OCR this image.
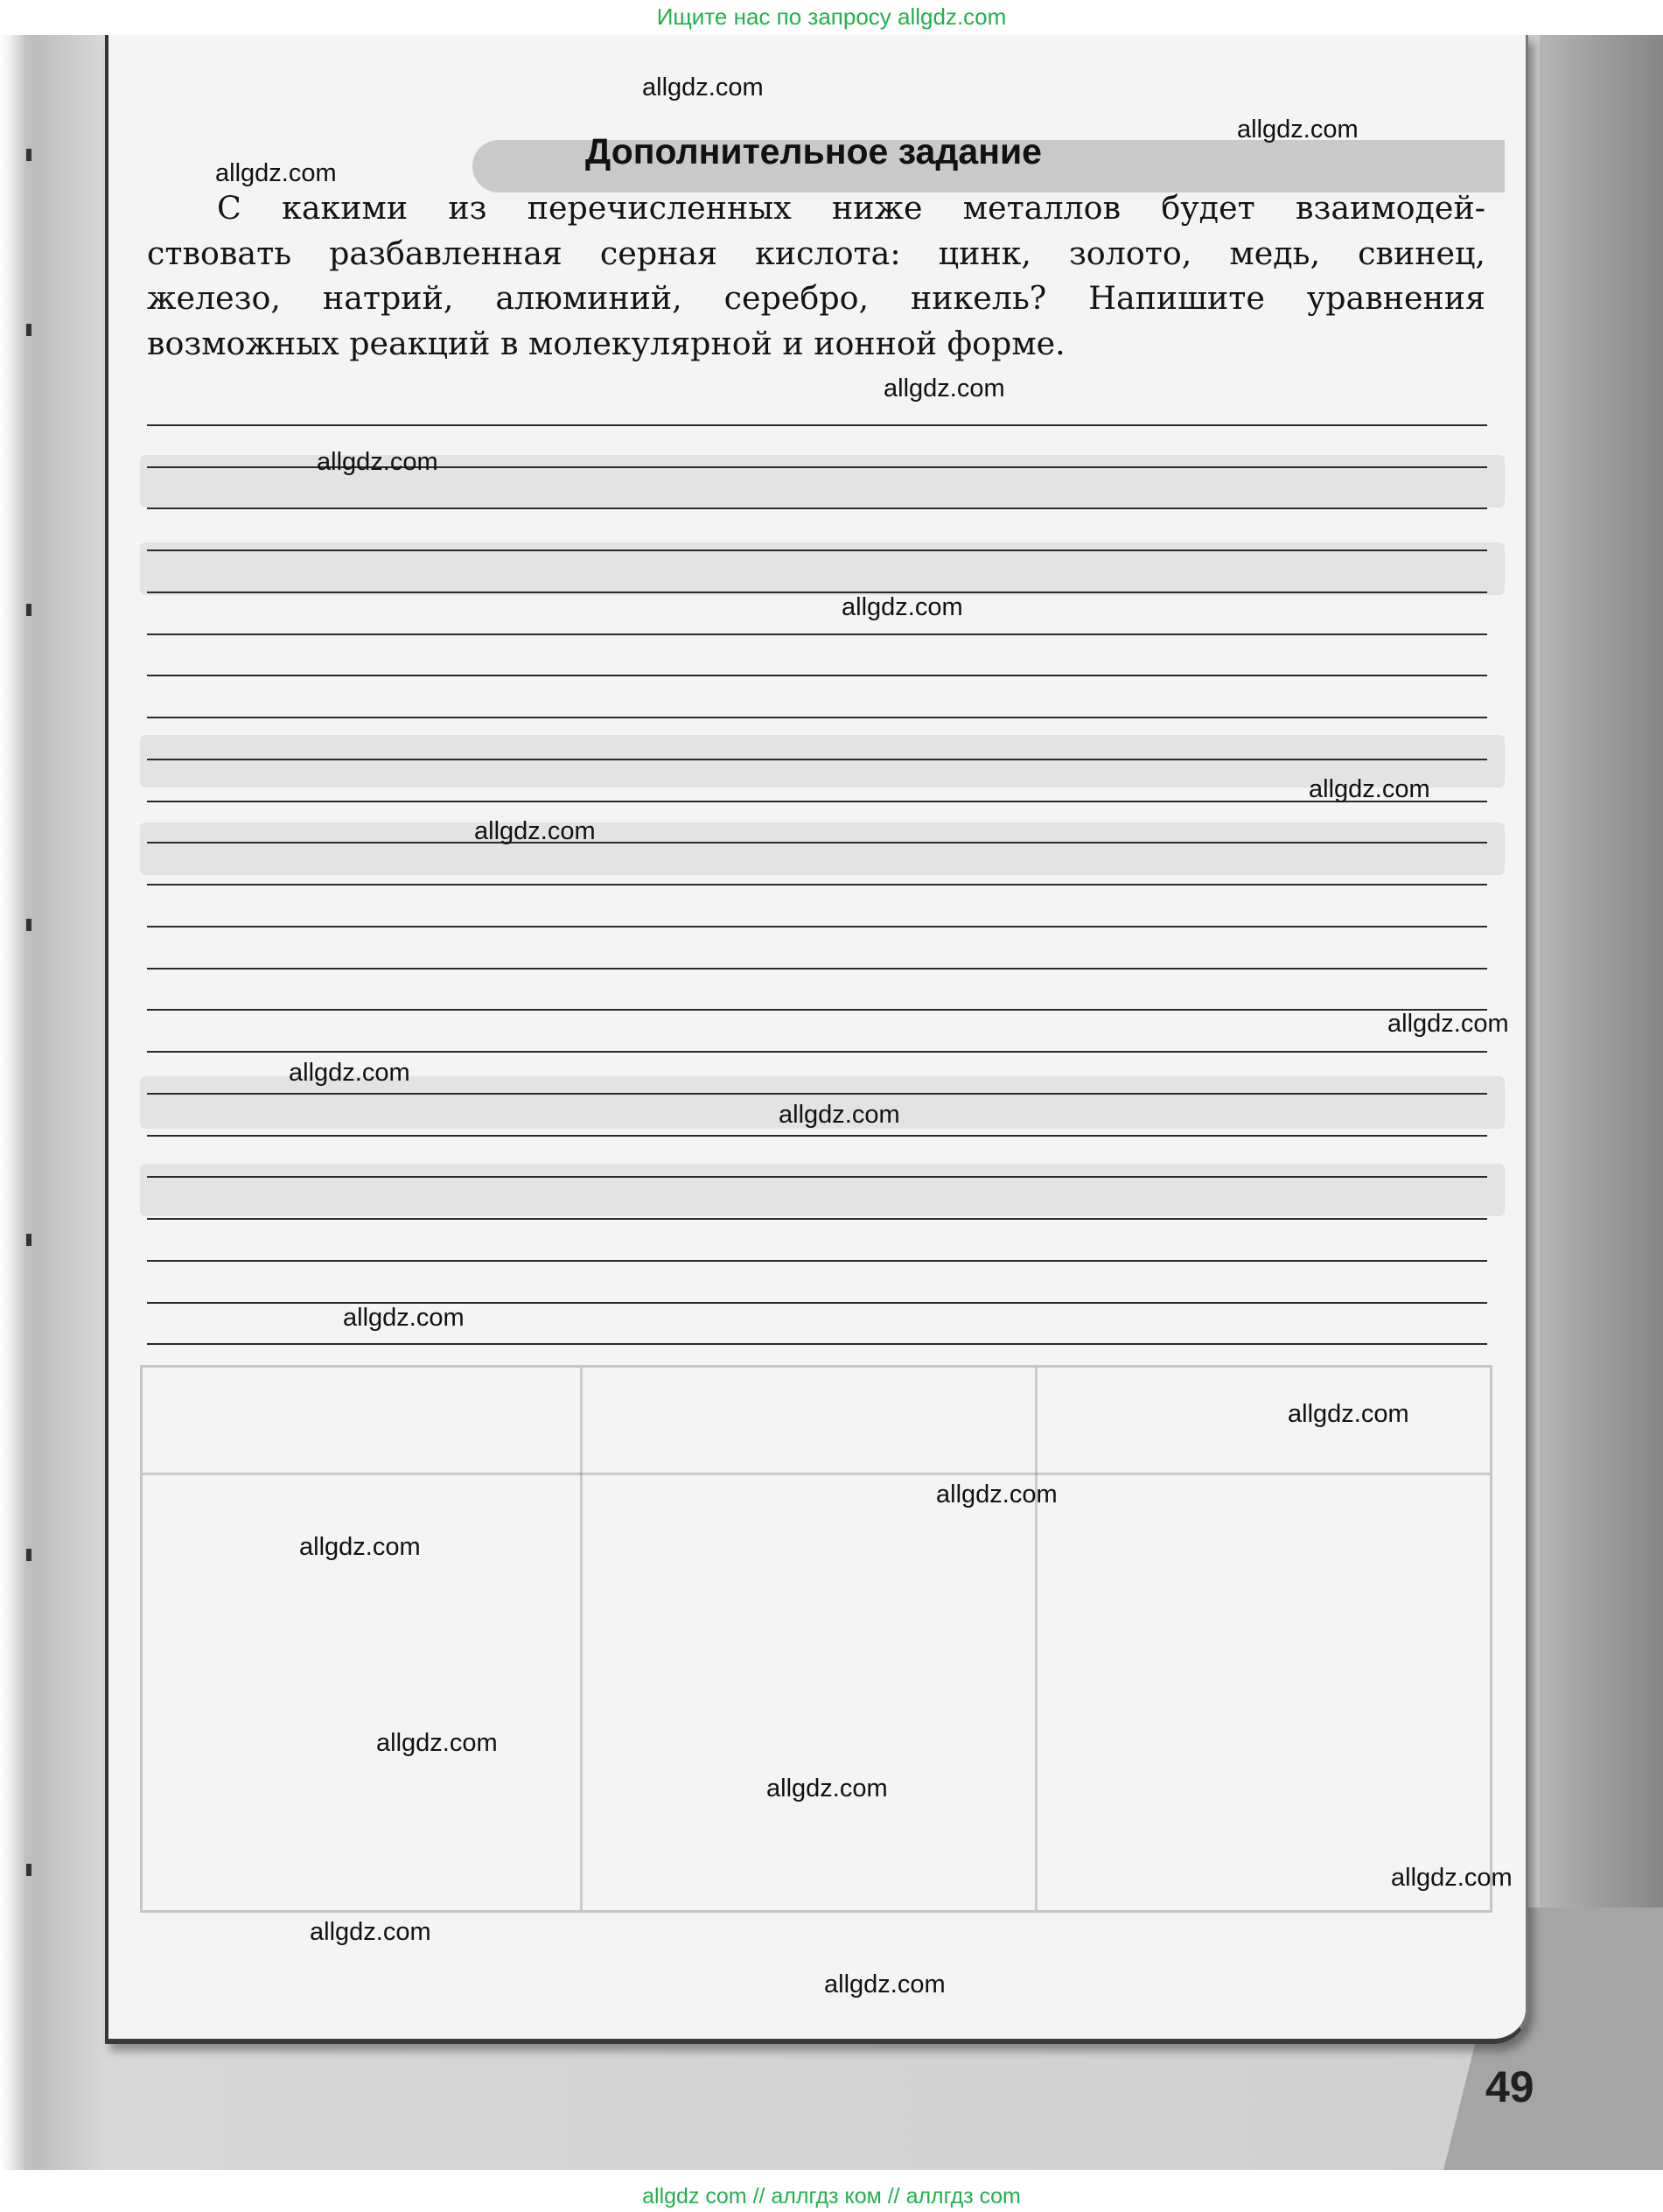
Ищите нас по запросу allgdz.com
Дополнительное задание
С какими из перечисленных ниже металлов будет взаимодей-
ствовать разбавленная серная кислота: цинк, золото, медь, свинец,
железо, натрий, алюминий, серебро, никель? Напишите уравнения
возможных реакций в молекулярной и ионной форме.
allgdz.com
allgdz.com
allgdz.com
allgdz.com
allgdz.com
allgdz.com
allgdz.com
allgdz.com
allgdz.com
allgdz.com
allgdz.com
allgdz.com
allgdz.com
allgdz.com
allgdz.com
allgdz.com
allgdz.com
allgdz.com
allgdz.com
allgdz.com
49
allgdz com // аллгдз ком // аллгдз com
